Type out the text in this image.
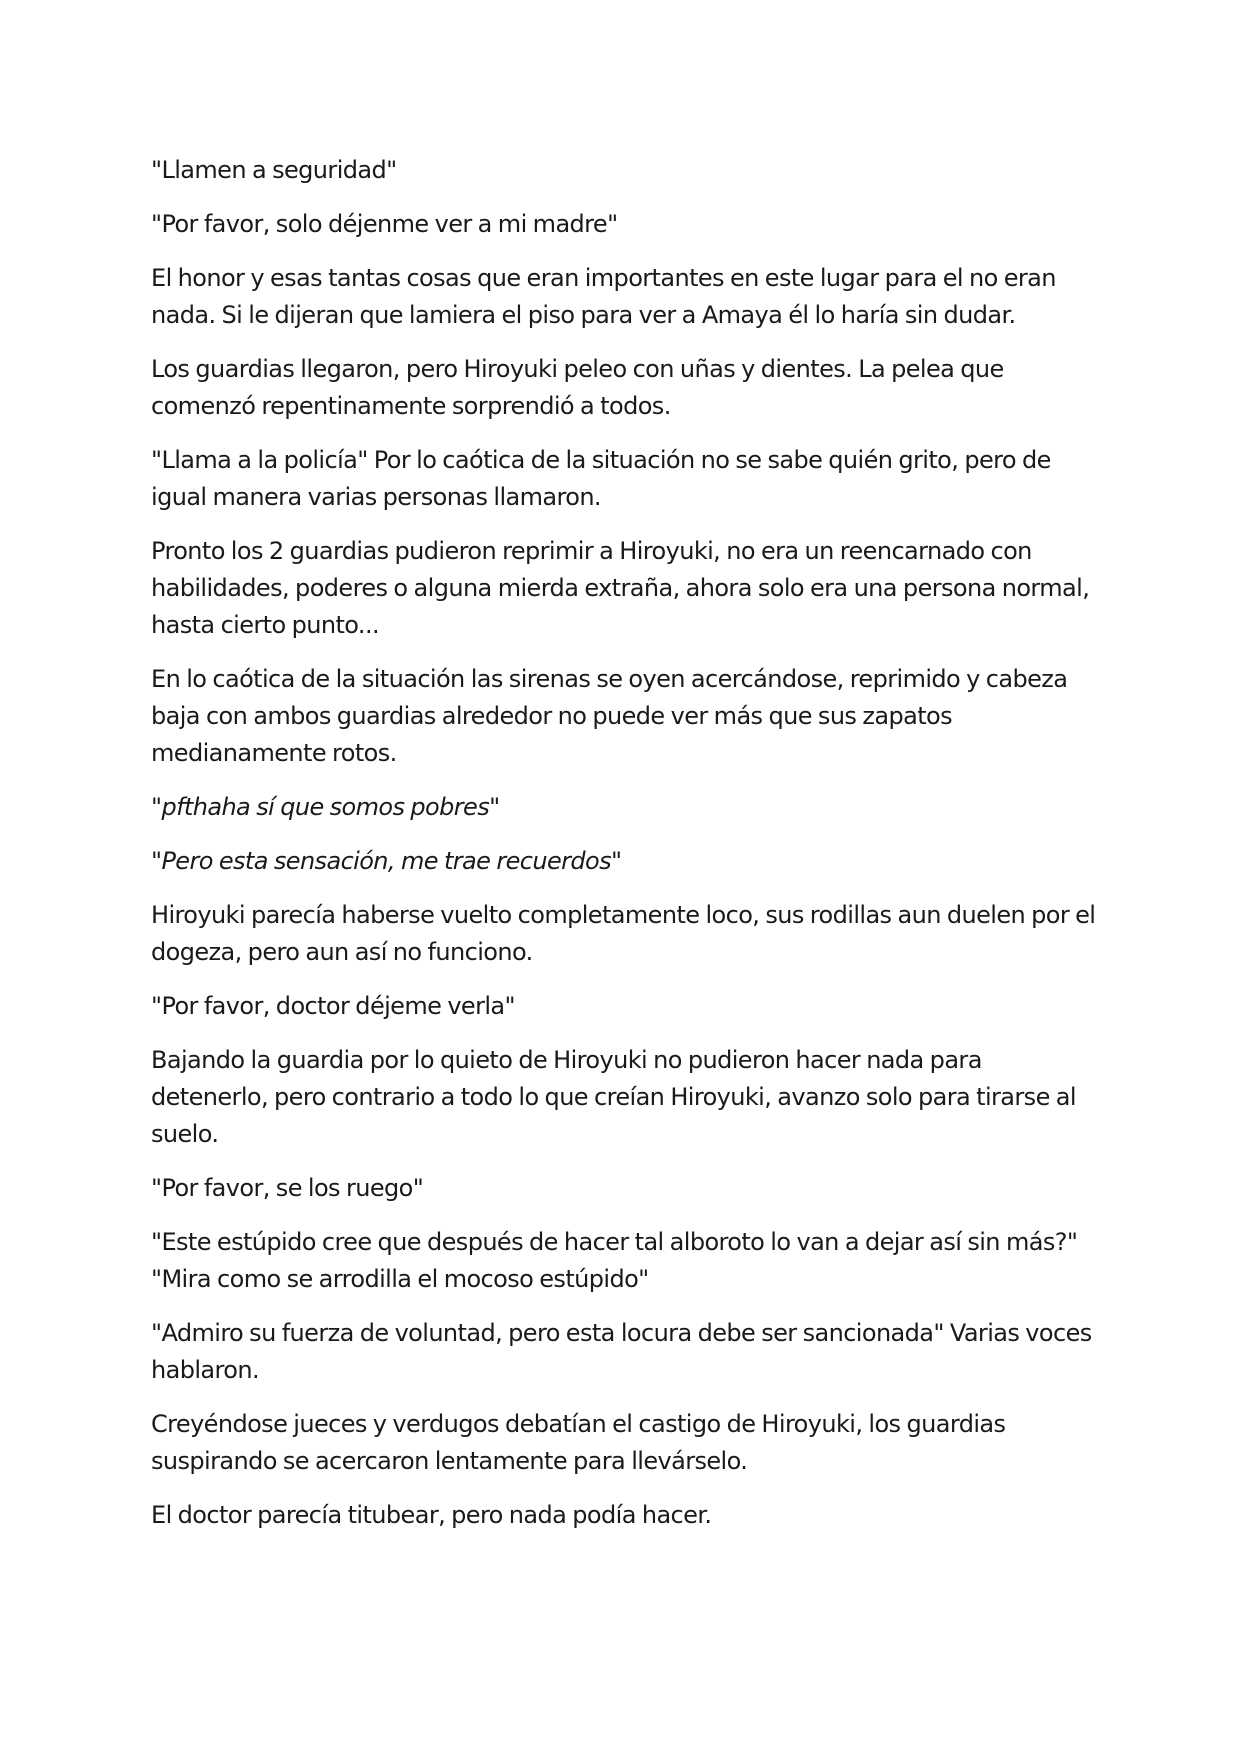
"Llamen a seguridad"

"Por favor, solo déjenme ver a mi madre"

El honor y esas tantas cosas que eran importantes en este lugar para el no eran nada. Si le dijeran que lamiera el piso para ver a Amaya él lo haría sin dudar.

Los guardias llegaron, pero Hiroyuki peleo con uñas y dientes. La pelea que comenzó repentinamente sorprendió a todos.

"Llama a la policía" Por lo caótica de la situación no se sabe quién grito, pero de igual manera varias personas llamaron.

Pronto los 2 guardias pudieron reprimir a Hiroyuki, no era un reencarnado con habilidades, poderes o alguna mierda extraña, ahora solo era una persona normal, hasta cierto punto...

En lo caótica de la situación las sirenas se oyen acercándose, reprimido y cabeza baja con ambos guardias alrededor no puede ver más que sus zapatos medianamente rotos.

"pfthaha sí que somos pobres"

"Pero esta sensación, me trae recuerdos"

Hiroyuki parecía haberse vuelto completamente loco, sus rodillas aun duelen por el dogeza, pero aun así no funciono.

"Por favor, doctor déjeme verla"

Bajando la guardia por lo quieto de Hiroyuki no pudieron hacer nada para detenerlo, pero contrario a todo lo que creían Hiroyuki, avanzo solo para tirarse al suelo.

"Por favor, se los ruego"

"Este estúpido cree que después de hacer tal alboroto lo van a dejar así sin más?" "Mira como se arrodilla el mocoso estúpido"

"Admiro su fuerza de voluntad, pero esta locura debe ser sancionada" Varias voces hablaron.

Creyéndose jueces y verdugos debatían el castigo de Hiroyuki, los guardias suspirando se acercaron lentamente para llevárselo.

El doctor parecía titubear, pero nada podía hacer.
